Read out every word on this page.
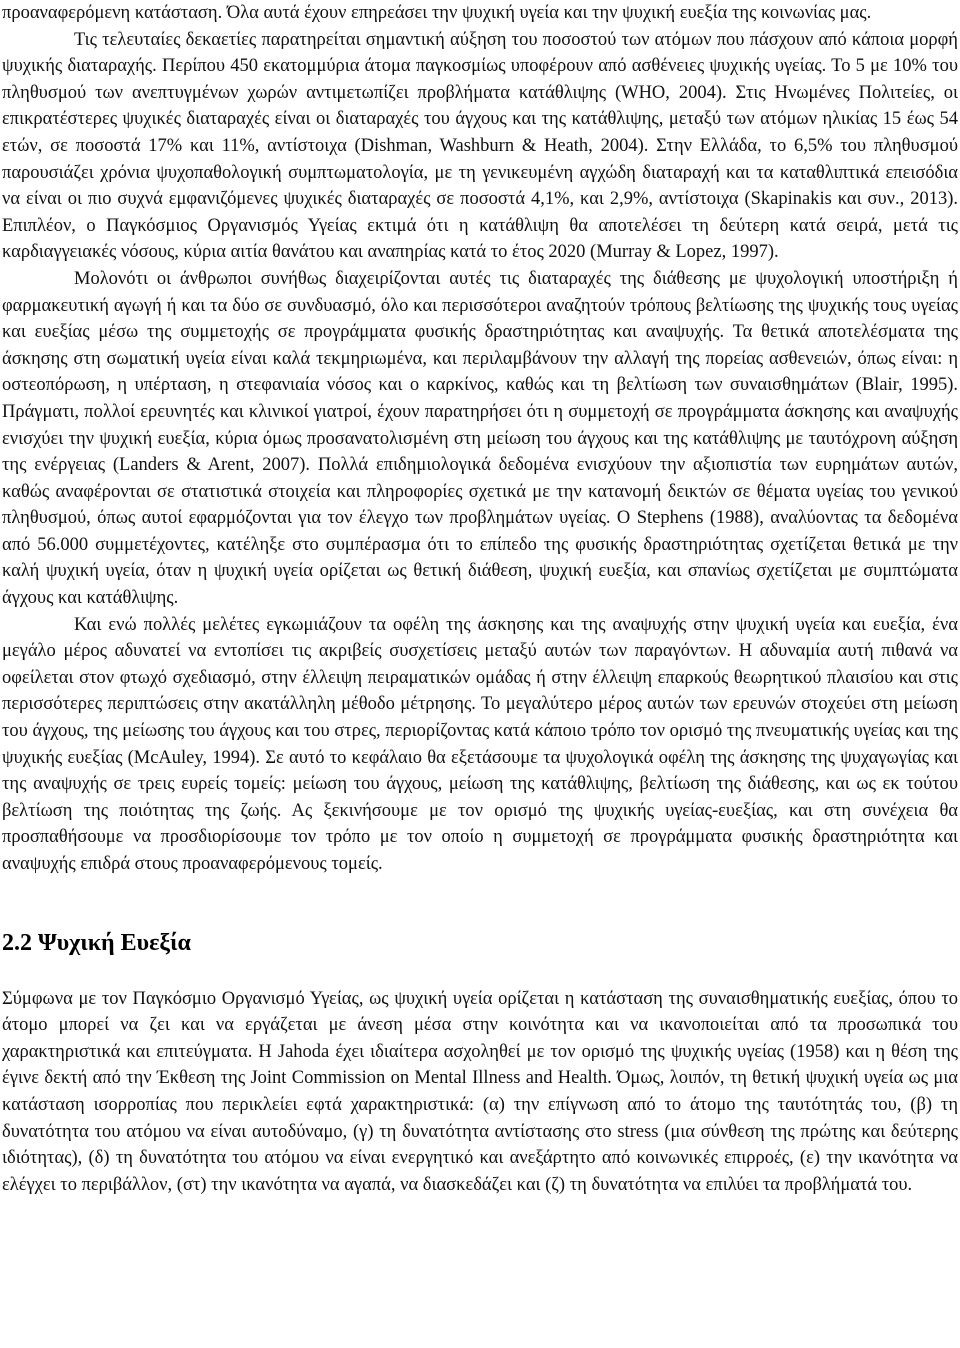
προαναφερόμενη κατάσταση. Όλα αυτά έχουν επηρεάσει την ψυχική υγεία και την ψυχική ευεξία της κοινωνίας μας.

Τις τελευταίες δεκαετίες παρατηρείται σημαντική αύξηση του ποσοστού των ατόμων που πάσχουν από κάποια μορφή ψυχικής διαταραχής. Περίπου 450 εκατομμύρια άτομα παγκοσμίως υποφέρουν από ασθένειες ψυχικής υγείας. Το 5 με 10% του πληθυσμού των ανεπτυγμένων χωρών αντιμετωπίζει προβλήματα κατάθλιψης (WHO, 2004). Στις Ηνωμένες Πολιτείες, οι επικρατέστερες ψυχικές διαταραχές είναι οι διαταραχές του άγχους και της κατάθλιψης, μεταξύ των ατόμων ηλικίας 15 έως 54 ετών, σε ποσοστά 17% και 11%, αντίστοιχα (Dishman, Washburn & Heath, 2004). Στην Ελλάδα, το 6,5% του πληθυσμού παρουσιάζει χρόνια ψυχοπαθολογική συμπτωματολογία, με τη γενικευμένη αγχώδη διαταραχή και τα καταθλιπτικά επεισόδια να είναι οι πιο συχνά εμφανιζόμενες ψυχικές διαταραχές σε ποσοστά 4,1%, και 2,9%, αντίστοιχα (Skapinakis και συν., 2013). Επιπλέον, ο Παγκόσμιος Οργανισμός Υγείας εκτιμά ότι η κατάθλιψη θα αποτελέσει τη δεύτερη κατά σειρά, μετά τις καρδιαγγειακές νόσους, κύρια αιτία θανάτου και αναπηρίας κατά το έτος 2020 (Murray & Lopez, 1997).

Μολονότι οι άνθρωποι συνήθως διαχειρίζονται αυτές τις διαταραχές της διάθεσης με ψυχολογική υποστήριξη ή φαρμακευτική αγωγή ή και τα δύο σε συνδυασμό, όλο και περισσότεροι αναζητούν τρόπους βελτίωσης της ψυχικής τους υγείας και ευεξίας μέσω της συμμετοχής σε προγράμματα φυσικής δραστηριότητας και αναψυχής. Τα θετικά αποτελέσματα της άσκησης στη σωματική υγεία είναι καλά τεκμηριωμένα, και περιλαμβάνουν την αλλαγή της πορείας ασθενειών, όπως είναι: η οστεοπόρωση, η υπέρταση, η στεφανιαία νόσος και ο καρκίνος, καθώς και τη βελτίωση των συναισθημάτων (Blair, 1995). Πράγματι, πολλοί ερευνητές και κλινικοί γιατροί, έχουν παρατηρήσει ότι η συμμετοχή σε προγράμματα άσκησης και αναψυχής ενισχύει την ψυχική ευεξία, κύρια όμως προσανατολισμένη στη μείωση του άγχους και της κατάθλιψης με ταυτόχρονη αύξηση της ενέργειας (Landers & Arent, 2007). Πολλά επιδημιολογικά δεδομένα ενισχύουν την αξιοπιστία των ευρημάτων αυτών, καθώς αναφέρονται σε στατιστικά στοιχεία και πληροφορίες σχετικά με την κατανομή δεικτών σε θέματα υγείας του γενικού πληθυσμού, όπως αυτοί εφαρμόζονται για τον έλεγχο των προβλημάτων υγείας. Ο Stephens (1988), αναλύοντας τα δεδομένα από 56.000 συμμετέχοντες, κατέληξε στο συμπέρασμα ότι το επίπεδο της φυσικής δραστηριότητας σχετίζεται θετικά με την καλή ψυχική υγεία, όταν η ψυχική υγεία ορίζεται ως θετική διάθεση, ψυχική ευεξία, και σπανίως σχετίζεται με συμπτώματα άγχους και κατάθλιψης.

Και ενώ πολλές μελέτες εγκωμιάζουν τα οφέλη της άσκησης και της αναψυχής στην ψυχική υγεία και ευεξία, ένα μεγάλο μέρος αδυνατεί να εντοπίσει τις ακριβείς συσχετίσεις μεταξύ αυτών των παραγόντων. Η αδυναμία αυτή πιθανά να οφείλεται στον φτωχό σχεδιασμό, στην έλλειψη πειραματικών ομάδας ή στην έλλειψη επαρκούς θεωρητικού πλαισίου και στις περισσότερες περιπτώσεις στην ακατάλληλη μέθοδο μέτρησης. Το μεγαλύτερο μέρος αυτών των ερευνών στοχεύει στη μείωση του άγχους, της μείωσης του άγχους και του στρες, περιορίζοντας κατά κάποιο τρόπο τον ορισμό της πνευματικής υγείας και της ψυχικής ευεξίας (McAuley, 1994). Σε αυτό το κεφάλαιο θα εξετάσουμε τα ψυχολογικά οφέλη της άσκησης της ψυχαγωγίας και της αναψυχής σε τρεις ευρείς τομείς: μείωση του άγχους, μείωση της κατάθλιψης, βελτίωση της διάθεσης, και ως εκ τούτου βελτίωση της ποιότητας της ζωής. Ας ξεκινήσουμε με τον ορισμό της ψυχικής υγείας-ευεξίας, και στη συνέχεια θα προσπαθήσουμε να προσδιορίσουμε τον τρόπο με τον οποίο η συμμετοχή σε προγράμματα φυσικής δραστηριότητα και αναψυχής επιδρά στους προαναφερόμενους τομείς.

2.2 Ψυχική Ευεξία

Σύμφωνα με τον Παγκόσμιο Οργανισμό Υγείας, ως ψυχική υγεία ορίζεται η κατάσταση της συναισθηματικής ευεξίας, όπου το άτομο μπορεί να ζει και να εργάζεται με άνεση μέσα στην κοινότητα και να ικανοποιείται από τα προσωπικά του χαρακτηριστικά και επιτεύγματα. Η Jahoda έχει ιδιαίτερα ασχοληθεί με τον ορισμό της ψυχικής υγείας (1958) και η θέση της έγινε δεκτή από την Έκθεση της Joint Commission on Mental Illness and Health. Όμως, λοιπόν, τη θετική ψυχική υγεία ως μια κατάσταση ισορροπίας που περικλείει εφτά χαρακτηριστικά: (α) την επίγνωση από το άτομο της ταυτότητάς του, (β) τη δυνατότητα του ατόμου να είναι αυτοδύναμο, (γ) τη δυνατότητα αντίστασης στο stress (μια σύνθεση της πρώτης και δεύτερης ιδιότητας), (δ) τη δυνατότητα του ατόμου να είναι ενεργητικό και ανεξάρτητο από κοινωνικές επιρροές, (ε) την ικανότητα να ελέγχει το περιβάλλον, (στ) την ικανότητα να αγαπά, να διασκεδάζει και (ζ) τη δυνατότητα να επιλύει τα προβλήματά του.
